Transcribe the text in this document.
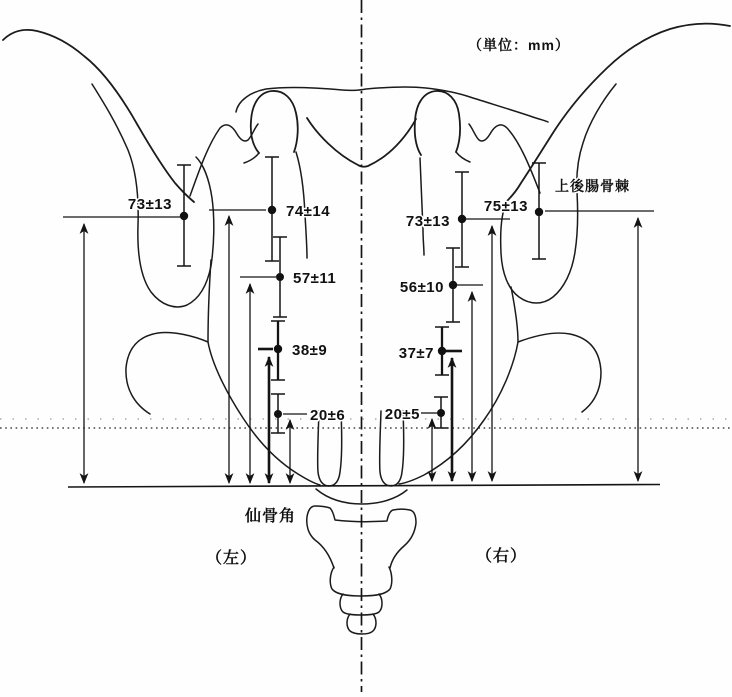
73±13	74±14
57±11
38±9
20±6
73±13
75±13
56±10
37±7
20±5
（単位：mm）
上後腸骨棘
仙骨角
（左）	（右）
